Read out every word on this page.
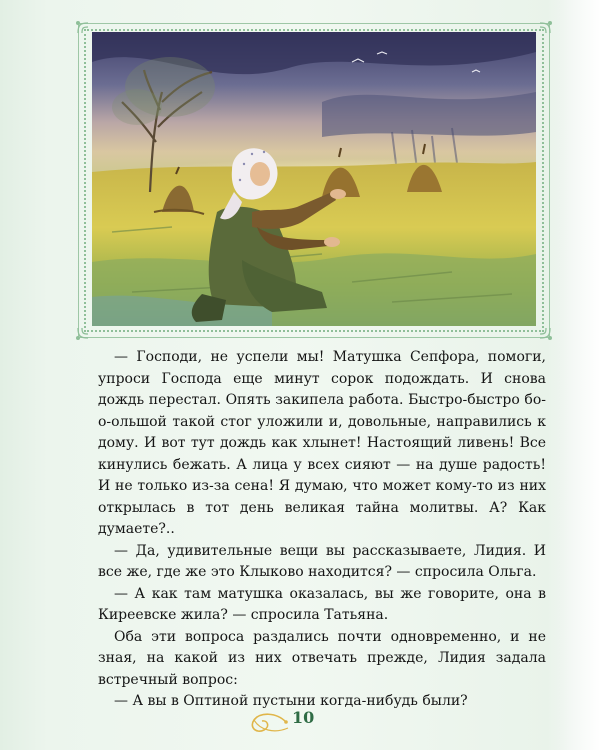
— Господи, не успели мы! Матушка Сепфора, помоги, упроси Господа еще минут сорок подождать. И снова дождь перестал. Опять закипела работа. Быстро-быстро бо-о-ольшой такой стог уложили и, довольные, направились к дому. И вот тут дождь как хлынет! Настоящий ливень! Все кинулись бежать. А лица у всех сияют — на душе радость! И не только из-за сена! Я думаю, что может кому-то из них открылась в тот день великая тайна молитвы. А? Как думаете?..

— Да, удивительные вещи вы рассказываете, Лидия. И все же, где же это Клыково находится? — спросила Ольга.

— А как там матушка оказалась, вы же говорите, она в Киреевске жила? — спросила Татьяна.

Оба эти вопроса раздались почти одновременно, и не зная, на какой из них отвечать прежде, Лидия задала встречный вопрос:

— А вы в Оптиной пустыни когда-нибудь были?

10
